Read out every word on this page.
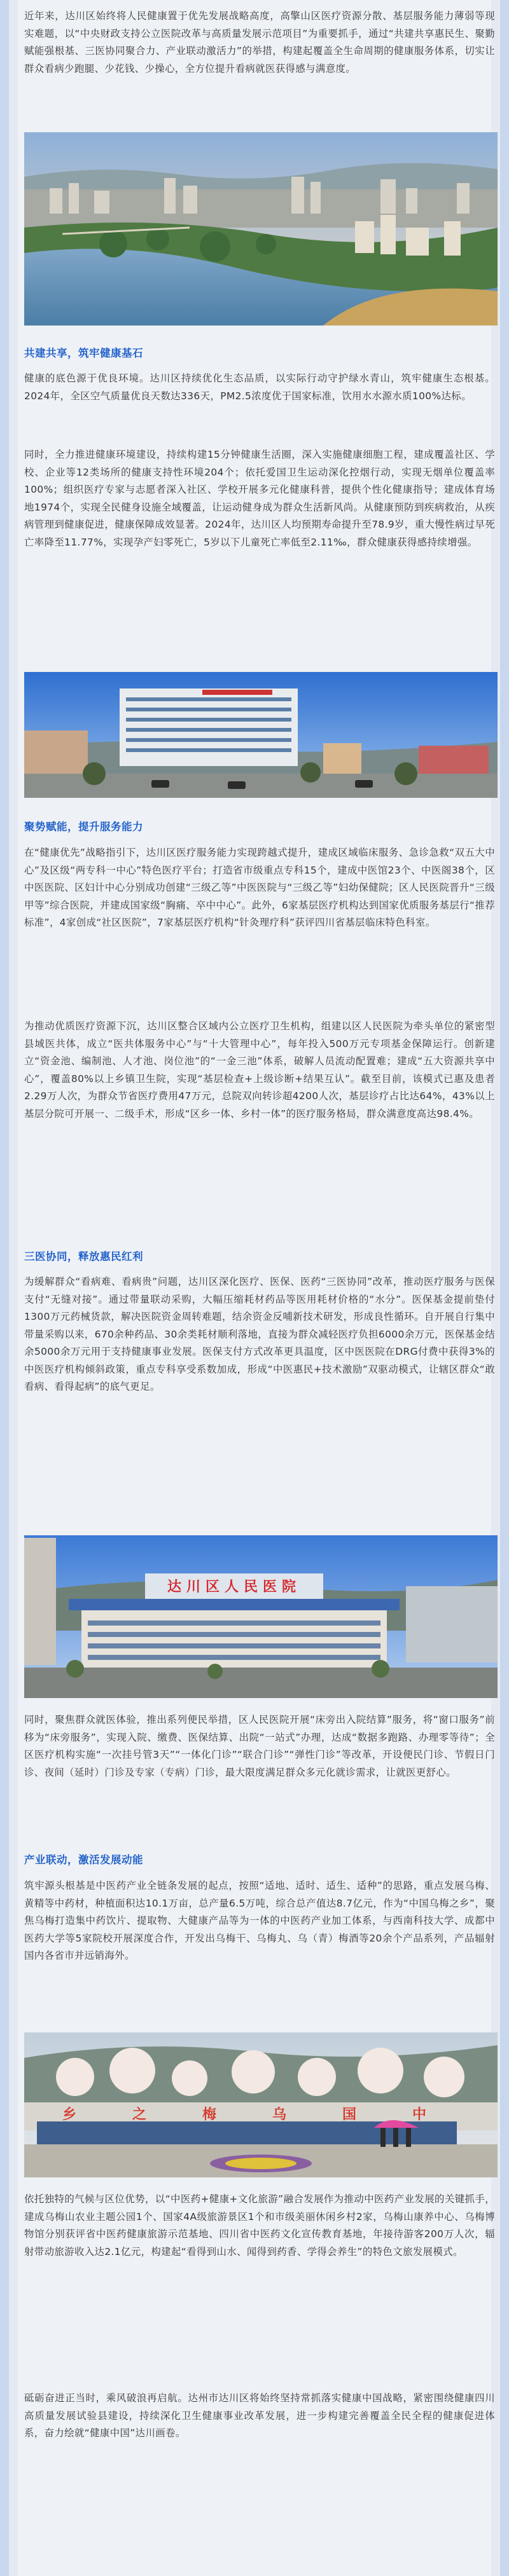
近年来，达川区始终将人民健康置于优先发展战略高度，高擎山区医疗资源分散、基层服务能力薄弱等现实难题，以“中央财政支持公立医院改革与高质量发展示范项目”为重要抓手，通过“共建共享惠民生、聚勤赋能强根基、三医协同聚合力、产业联动激活力”的举措，构建起覆盖全生命周期的健康服务体系，切实让群众看病少跑腿、少花钱、少操心，全方位提升看病就医获得感与满意度。

共建共享，筑牢健康基石

健康的底色源于优良环境。达川区持续优化生态品质，以实际行动守护绿水青山，筑牢健康生态根基。2024年，全区空气质量优良天数达336天，PM2.5浓度优于国家标准，饮用水水源水质100%达标。

同时，全力推进健康环境建设，持续构建15分钟健康生活圈，深入实施健康细胞工程，建成覆盖社区、学校、企业等12类场所的健康支持性环境204个；依托爱国卫生运动深化控烟行动，实现无烟单位覆盖率100%；组织医疗专家与志愿者深入社区、学校开展多元化健康科普，提供个性化健康指导；建成体育场地1974个，实现全民健身设施全域覆盖，让运动健身成为群众生活新风尚。从健康预防到疾病救治，从疾病管理到健康促进，健康保障成效显著。2024年，达川区人均预期寿命提升至78.9岁，重大慢性病过早死亡率降至11.77%，实现孕产妇零死亡，5岁以下儿童死亡率低至2.11‰，群众健康获得感持续增强。

聚势赋能，提升服务能力

在“健康优先”战略指引下，达川区医疗服务能力实现跨越式提升，建成区域临床服务、急诊急救“双五大中心”及区级“两专科一中心”特色医疗平台；打造省市级重点专科15个，建成中医馆23个、中医阁38个，区中医医院、区妇计中心分别成功创建“三级乙等”中医医院与“三级乙等”妇幼保健院；区人民医院晋升“三级甲等”综合医院，并建成国家级“胸痛、卒中中心”。此外，6家基层医疗机构达到国家优质服务基层行“推荐标准”，4家创成“社区医院”，7家基层医疗机构“针灸理疗科”获评四川省基层临床特色科室。

为推动优质医疗资源下沉，达川区整合区域内公立医疗卫生机构，组建以区人民医院为牵头单位的紧密型县域医共体，成立“医共体服务中心”与“十大管理中心”，每年投入500万元专项基金保障运行。创新建立“资金池、编制池、人才池、岗位池”的“一金三池”体系，破解人员流动配置难；建成“五大资源共享中心”，覆盖80%以上乡镇卫生院，实现“基层检查+上级诊断+结果互认”。截至目前，该模式已惠及患者2.29万人次，为群众节省医疗费用47万元，总院双向转诊超4200人次，基层诊疗占比达64%，43%以上基层分院可开展一、二级手术，形成“区乡一体、乡村一体”的医疗服务格局，群众满意度高达98.4%。

三医协同，释放惠民红利

为缓解群众“看病难、看病贵”问题，达川区深化医疗、医保、医药“三医协同”改革，推动医疗服务与医保支付“无缝对接”。通过带量联动采购，大幅压缩耗材药品等医用耗材价格的“水分”。医保基金提前垫付1300万元药械货款，解决医院资金周转难题，结余资金反哺新技术研发，形成良性循环。自开展自行集中带量采购以来，670余种药品、30余类耗材顺利落地，直接为群众减轻医疗负担6000余万元，医保基金结余5000余万元用于支持健康事业发展。医保支付方式改革更具温度，区中医医院在DRG付费中获得3%的中医医疗机构倾斜政策，重点专科享受系数加成，形成“中医惠民+技术激励”双驱动模式，让辖区群众“敢看病、看得起病”的底气更足。

达川区人民医院

同时，聚焦群众就医体验，推出系列便民举措，区人民医院开展“床旁出入院结算”服务，将“窗口服务”前移为“床旁服务”，实现入院、缴费、医保结算、出院“一站式”办理，达成“数据多跑路、办理零等待”；全区医疗机构实施“一次挂号管3天”“一体化门诊”“联合门诊”“弹性门诊”等改革，开设便民门诊、节假日门诊、夜间（延时）门诊及专家（专病）门诊，最大限度满足群众多元化就诊需求，让就医更舒心。

产业联动，激活发展动能

筑牢源头根基是中医药产业全链条发展的起点，按照“适地、适时、适生、适种”的思路，重点发展乌梅、黄精等中药材，种植面积达10.1万亩，总产量6.5万吨，综合总产值达8.7亿元，作为“中国乌梅之乡”，聚焦乌梅打造集中药饮片、提取物、大健康产品等为一体的中医药产业加工体系，与西南科技大学、成都中医药大学等5家院校开展深度合作，开发出乌梅干、乌梅丸、乌（青）梅酒等20余个产品系列，产品辐射国内各省市并远销海外。

乡	之	梅	乌	国	中

依托独特的气候与区位优势，以“中医药+健康+文化旅游”融合发展作为推动中医药产业发展的关键抓手，建成乌梅山农业主题公园1个、国家4A级旅游景区1个和市级美丽休闲乡村2家，乌梅山康养中心、乌梅博物馆分别获评省中医药健康旅游示范基地、四川省中医药文化宣传教育基地，年接待游客200万人次，辐射带动旅游收入达2.1亿元，构建起“看得到山水、闻得到药香、学得会养生”的特色文旅发展模式。

砥砺奋进正当时，乘风破浪再启航。达州市达川区将始终坚持常抓落实健康中国战略，紧密围绕健康四川高质量发展试验县建设，持续深化卫生健康事业改革发展，进一步构建完善覆盖全民全程的健康促进体系，奋力绘就“健康中国”达川画卷。
